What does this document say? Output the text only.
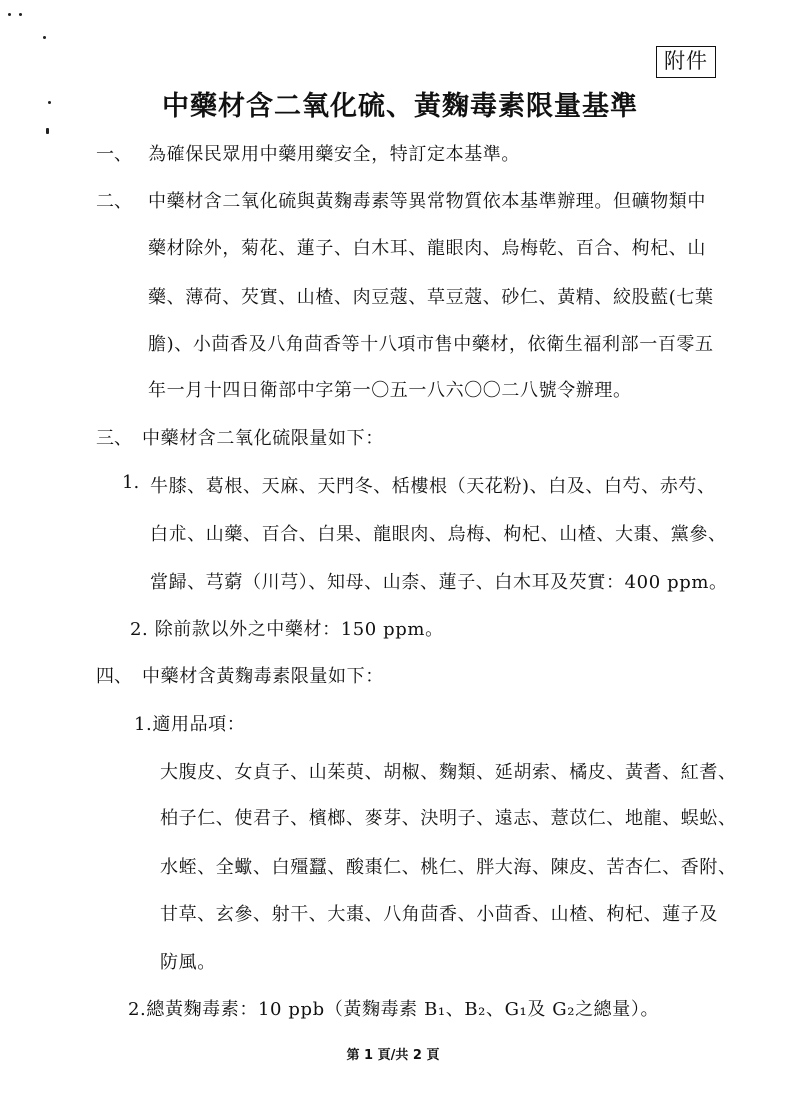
附件
中藥材含二氧化硫、黃麴毒素限量基準
一、 為確保民眾用中藥用藥安全，特訂定本基準。
二、 中藥材含二氧化硫與黃麴毒素等異常物質依本基準辦理。但礦物類中
藥材除外，菊花、蓮子、白木耳、龍眼肉、烏梅乾、百合、枸杞、山
藥、薄荷、芡實、山楂、肉豆蔻、草豆蔻、砂仁、黃精、絞股藍(七葉
膽)、小茴香及八角茴香等十八項市售中藥材，依衛生福利部一百零五
年一月十四日衛部中字第一〇五一八六〇〇二八號令辦理。
三、 中藥材含二氧化硫限量如下：
1. 牛膝、葛根、天麻、天門冬、栝樓根（天花粉)、白及、白芍、赤芍、
白朮、山藥、百合、白果、龍眼肉、烏梅、枸杞、山楂、大棗、黨參、
當歸、芎藭（川芎）、知母、山柰、蓮子、白木耳及芡實：400 ppm。
2. 除前款以外之中藥材：150 ppm。
四、 中藥材含黃麴毒素限量如下：
1.適用品項：
大腹皮、女貞子、山茱萸、胡椒、麴類、延胡索、橘皮、黃耆、紅耆、
柏子仁、使君子、檳榔、麥芽、決明子、遠志、薏苡仁、地龍、蜈蚣、
水蛭、全蠍、白殭蠶、酸棗仁、桃仁、胖大海、陳皮、苦杏仁、香附、
甘草、玄參、射干、大棗、八角茴香、小茴香、山楂、枸杞、蓮子及
防風。
2.總黃麴毒素：10 ppb（黃麴毒素 B₁、B₂、G₁及 G₂之總量）。
第 1 頁/共 2 頁
